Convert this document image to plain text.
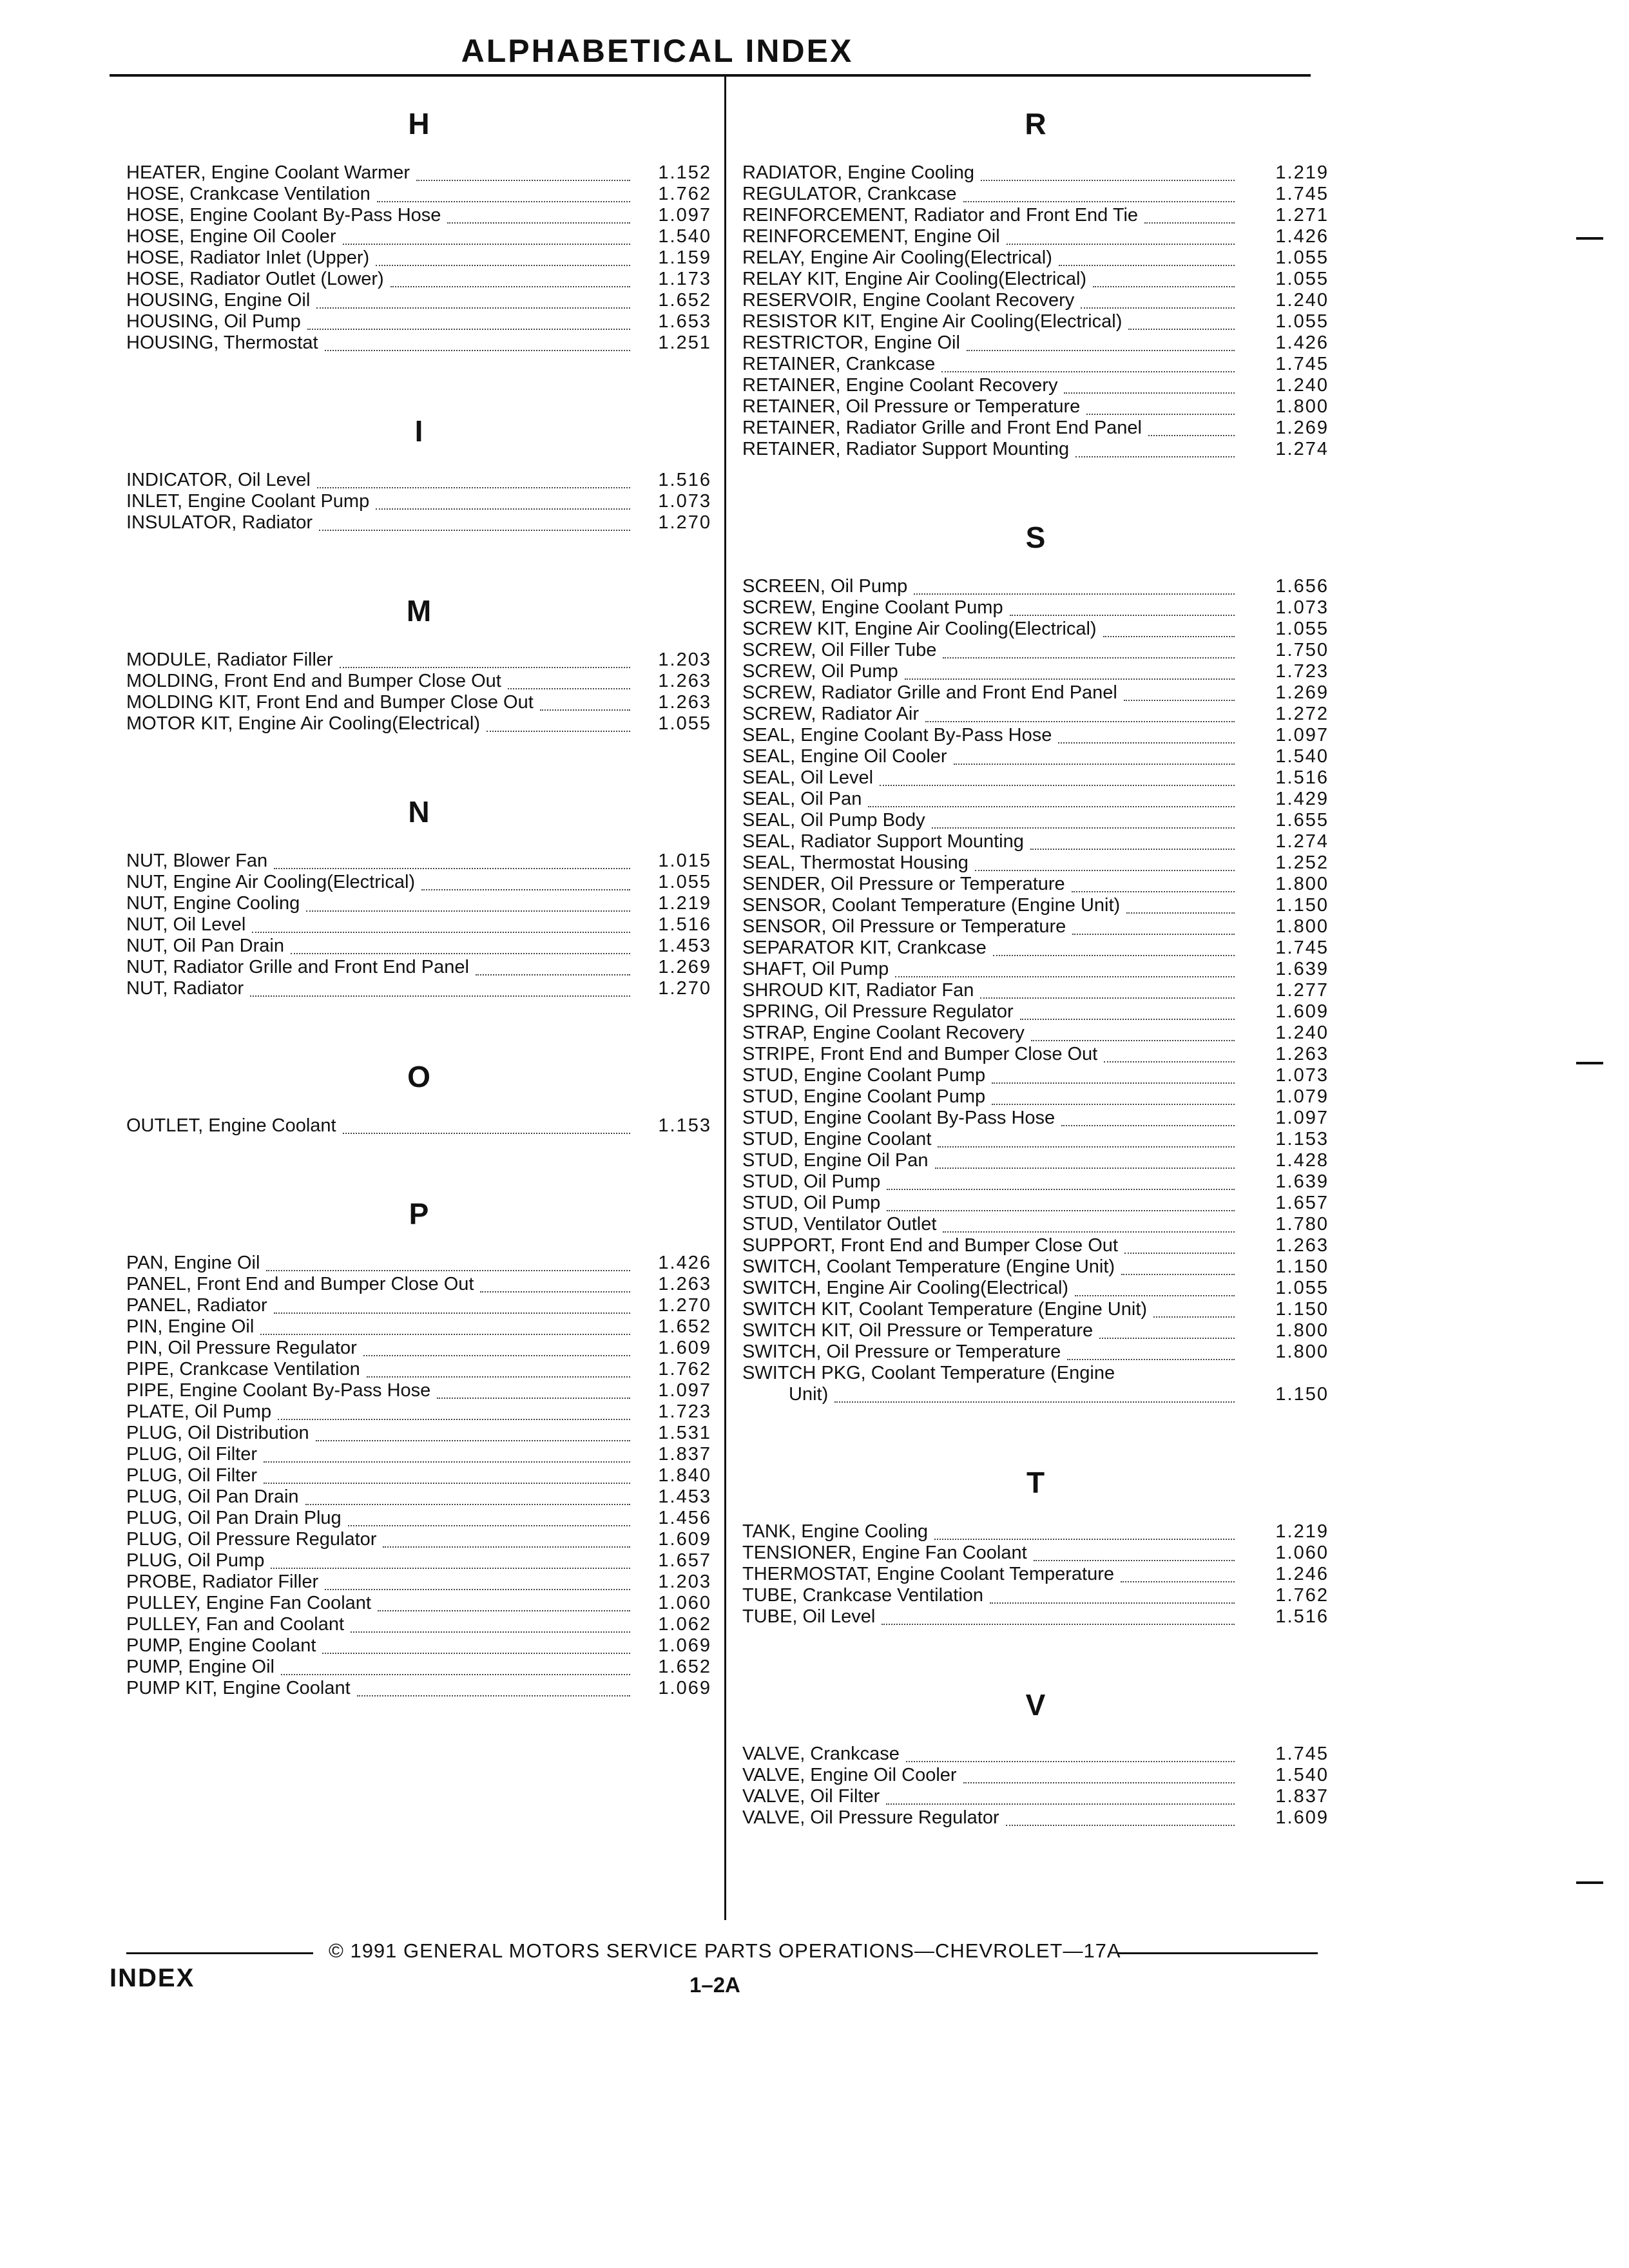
ALPHABETICAL INDEX
H
HEATER, Engine Coolant Warmer	1.152
HOSE, Crankcase Ventilation	1.762
HOSE, Engine Coolant By-Pass Hose	1.097
HOSE, Engine Oil Cooler	1.540
HOSE, Radiator Inlet (Upper)	1.159
HOSE, Radiator Outlet (Lower)	1.173
HOUSING, Engine Oil	1.652
HOUSING, Oil Pump	1.653
HOUSING, Thermostat	1.251
I
INDICATOR, Oil Level	1.516
INLET, Engine Coolant Pump	1.073
INSULATOR, Radiator	1.270
M
MODULE, Radiator Filler	1.203
MOLDING, Front End and Bumper Close Out	1.263
MOLDING KIT, Front End and Bumper Close Out	1.263
MOTOR KIT, Engine Air Cooling(Electrical)	1.055
N
NUT, Blower Fan	1.015
NUT, Engine Air Cooling(Electrical)	1.055
NUT, Engine Cooling	1.219
NUT, Oil Level	1.516
NUT, Oil Pan Drain	1.453
NUT, Radiator Grille and Front End Panel	1.269
NUT, Radiator	1.270
O
OUTLET, Engine Coolant	1.153
P
PAN, Engine Oil	1.426
PANEL, Front End and Bumper Close Out	1.263
PANEL, Radiator	1.270
PIN, Engine Oil	1.652
PIN, Oil Pressure Regulator	1.609
PIPE, Crankcase Ventilation	1.762
PIPE, Engine Coolant By-Pass Hose	1.097
PLATE, Oil Pump	1.723
PLUG, Oil Distribution	1.531
PLUG, Oil Filter	1.837
PLUG, Oil Filter	1.840
PLUG, Oil Pan Drain	1.453
PLUG, Oil Pan Drain Plug	1.456
PLUG, Oil Pressure Regulator	1.609
PLUG, Oil Pump	1.657
PROBE, Radiator Filler	1.203
PULLEY, Engine Fan Coolant	1.060
PULLEY, Fan and Coolant	1.062
PUMP, Engine Coolant	1.069
PUMP, Engine Oil	1.652
PUMP KIT, Engine Coolant	1.069
R
RADIATOR, Engine Cooling	1.219
REGULATOR, Crankcase	1.745
REINFORCEMENT, Radiator and Front End Tie	1.271
REINFORCEMENT, Engine Oil	1.426
RELAY, Engine Air Cooling(Electrical)	1.055
RELAY KIT, Engine Air Cooling(Electrical)	1.055
RESERVOIR, Engine Coolant Recovery	1.240
RESISTOR KIT, Engine Air Cooling(Electrical)	1.055
RESTRICTOR, Engine Oil	1.426
RETAINER, Crankcase	1.745
RETAINER, Engine Coolant Recovery	1.240
RETAINER, Oil Pressure or Temperature	1.800
RETAINER, Radiator Grille and Front End Panel	1.269
RETAINER, Radiator Support Mounting	1.274
S
SCREEN, Oil Pump	1.656
SCREW, Engine Coolant Pump	1.073
SCREW KIT, Engine Air Cooling(Electrical)	1.055
SCREW, Oil Filler Tube	1.750
SCREW, Oil Pump	1.723
SCREW, Radiator Grille and Front End Panel	1.269
SCREW, Radiator Air	1.272
SEAL, Engine Coolant By-Pass Hose	1.097
SEAL, Engine Oil Cooler	1.540
SEAL, Oil Level	1.516
SEAL, Oil Pan	1.429
SEAL, Oil Pump Body	1.655
SEAL, Radiator Support Mounting	1.274
SEAL, Thermostat Housing	1.252
SENDER, Oil Pressure or Temperature	1.800
SENSOR, Coolant Temperature (Engine Unit)	1.150
SENSOR, Oil Pressure or Temperature	1.800
SEPARATOR KIT, Crankcase	1.745
SHAFT, Oil Pump	1.639
SHROUD KIT, Radiator Fan	1.277
SPRING, Oil Pressure Regulator	1.609
STRAP, Engine Coolant Recovery	1.240
STRIPE, Front End and Bumper Close Out	1.263
STUD, Engine Coolant Pump	1.073
STUD, Engine Coolant Pump	1.079
STUD, Engine Coolant By-Pass Hose	1.097
STUD, Engine Coolant	1.153
STUD, Engine Oil Pan	1.428
STUD, Oil Pump	1.639
STUD, Oil Pump	1.657
STUD, Ventilator Outlet	1.780
SUPPORT, Front End and Bumper Close Out	1.263
SWITCH, Coolant Temperature (Engine Unit)	1.150
SWITCH, Engine Air Cooling(Electrical)	1.055
SWITCH KIT, Coolant Temperature (Engine Unit)	1.150
SWITCH KIT, Oil Pressure or Temperature	1.800
SWITCH, Oil Pressure or Temperature	1.800
SWITCH PKG, Coolant Temperature (Engine
Unit)	1.150
T
TANK, Engine Cooling	1.219
TENSIONER, Engine Fan Coolant	1.060
THERMOSTAT, Engine Coolant Temperature	1.246
TUBE, Crankcase Ventilation	1.762
TUBE, Oil Level	1.516
V
VALVE, Crankcase	1.745
VALVE, Engine Oil Cooler	1.540
VALVE, Oil Filter	1.837
VALVE, Oil Pressure Regulator	1.609
© 1991 GENERAL MOTORS SERVICE PARTS OPERATIONS—CHEVROLET—17A
INDEX	1–2A
